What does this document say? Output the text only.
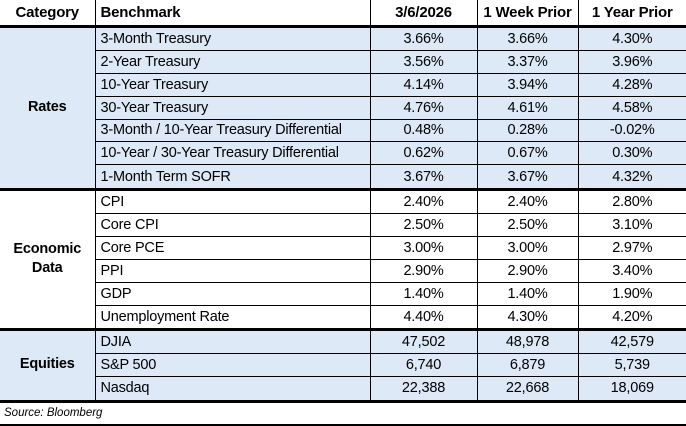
Category	Benchmark	3/6/2026	1 Week Prior	1 Year Prior
Rates	3-Month Treasury	3.66%	3.66%	4.30%
	2-Year Treasury	3.56%	3.37%	3.96%
	10-Year Treasury	4.14%	3.94%	4.28%
	30-Year Treasury	4.76%	4.61%	4.58%
	3-Month / 10-Year Treasury Differential	0.48%	0.28%	-0.02%
	10-Year / 30-Year Treasury Differential	0.62%	0.67%	0.30%
	1-Month Term SOFR	3.67%	3.67%	4.32%
Economic Data	CPI	2.40%	2.40%	2.80%
	Core CPI	2.50%	2.50%	3.10%
	Core PCE	3.00%	3.00%	2.97%
	PPI	2.90%	2.90%	3.40%
	GDP	1.40%	1.40%	1.90%
	Unemployment Rate	4.40%	4.30%	4.20%
Equities	DJIA	47,502	48,978	42,579
	S&P 500	6,740	6,879	5,739
	Nasdaq	22,388	22,668	18,069
Source: Bloomberg				
